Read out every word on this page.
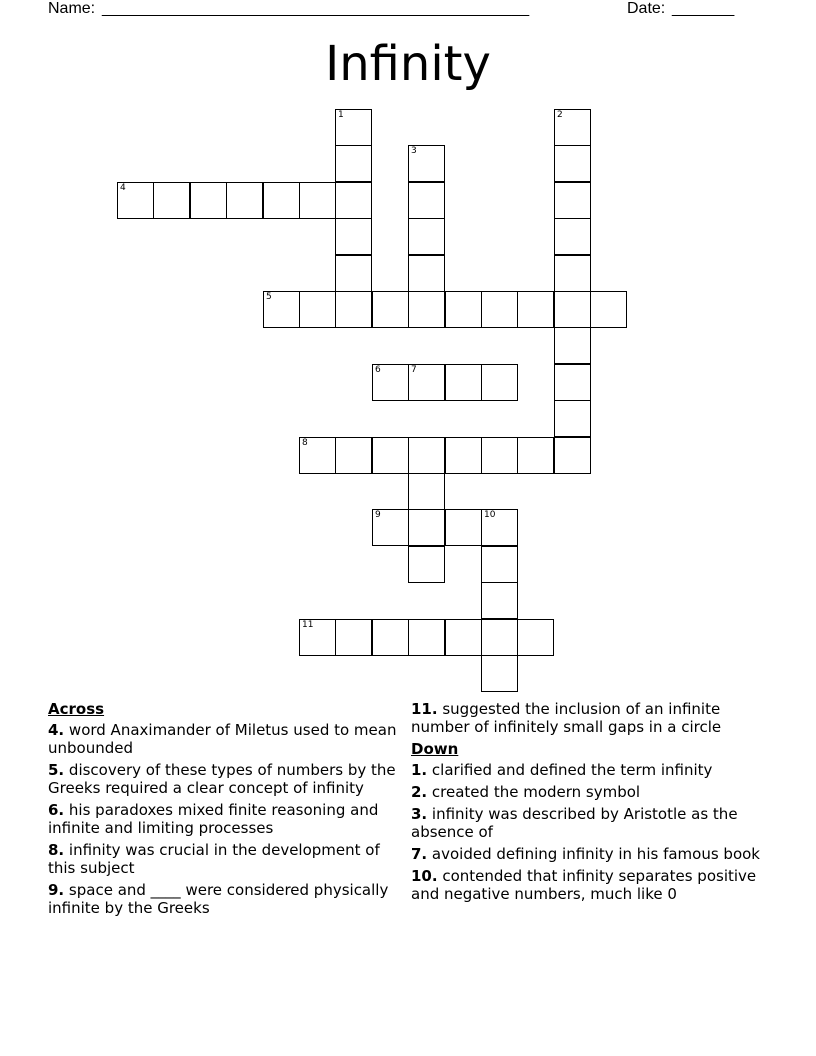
Name: ________________________________________________	Date: _______
Infinity
1	2
3
4
5
6	7
8
9	10
11
Across
4. word Anaximander of Miletus used to mean unbounded
5. discovery of these types of numbers by the Greeks required a clear concept of infinity
6. his paradoxes mixed finite reasoning and infinite and limiting processes
8. infinity was crucial in the development of this subject
9. space and ____ were considered physically infinite by the Greeks
11. suggested the inclusion of an infinite number of infinitely small gaps in a circle
Down
1. clarified and defined the term infinity
2. created the modern symbol
3. infinity was described by Aristotle as the absence of
7. avoided defining infinity in his famous book
10. contended that infinity separates positive and negative numbers, much like 0
